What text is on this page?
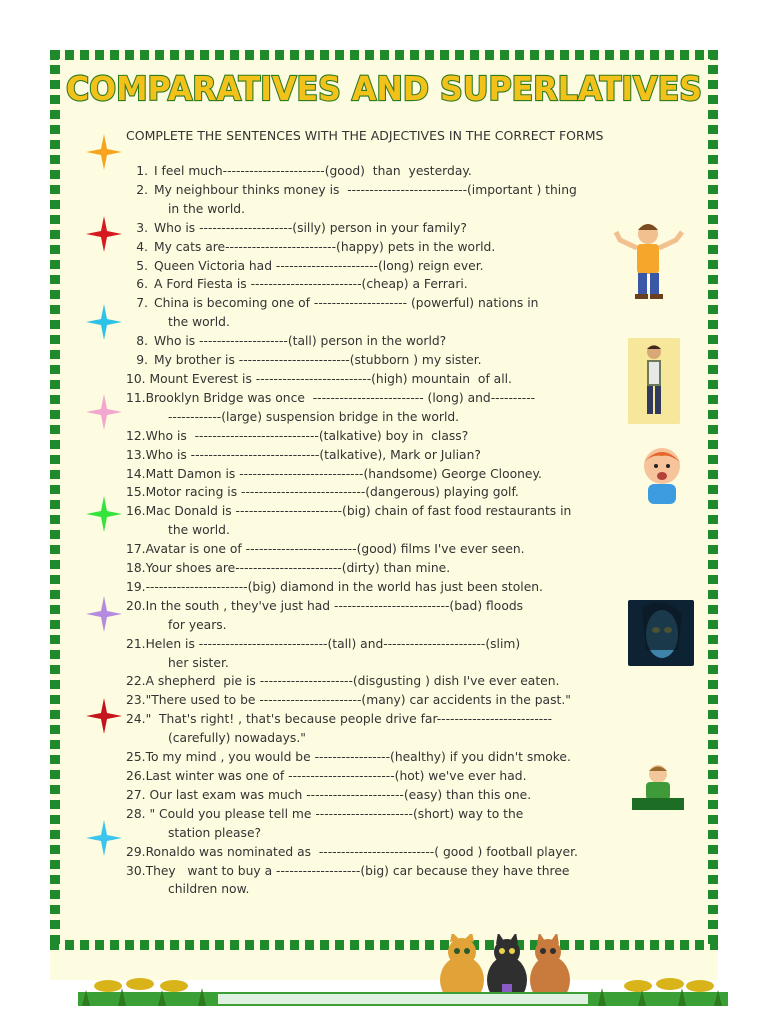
COMPARATIVES AND SUPERLATIVES
COMPLETE THE SENTENCES WITH THE ADJECTIVES IN THE CORRECT FORMS
1. I feel much-----------------------(good)  than  yesterday.
2. My neighbour thinks money is  ---------------------------(important ) thing
in the world.
3. Who is ---------------------(silly) person in your family?
4. My cats are-------------------------(happy) pets in the world.
5. Queen Victoria had -----------------------(long) reign ever.
6. A Ford Fiesta is -------------------------(cheap) a Ferrari.
7. China is becoming one of --------------------- (powerful) nations in
the world.
8. Who is --------------------(tall) person in the world?
9. My brother is -------------------------(stubborn ) my sister.
10. Mount Everest is --------------------------(high) mountain  of all.
11. Brooklyn Bridge was once  ------------------------- (long) and----------
------------(large) suspension bridge in the world.
12. Who is  ----------------------------(talkative) boy in  class?
13. Who is -----------------------------(talkative), Mark or Julian?
14. Matt Damon is ----------------------------(handsome) George Clooney.
15. Motor racing is ----------------------------(dangerous) playing golf.
16. Mac Donald is ------------------------(big) chain of fast food restaurants in
the world.
17. Avatar is one of -------------------------(good) films I've ever seen.
18. Your shoes are------------------------(dirty) than mine.
19. -----------------------(big) diamond in the world has just been stolen.
20. In the south , they've just had --------------------------(bad) floods
for years.
21. Helen is -----------------------------(tall) and-----------------------(slim)
her sister.
22. A shepherd  pie is ---------------------(disgusting ) dish I've ever eaten.
23. "There used to be -----------------------(many) car accidents in the past."
24. "  That's right! , that's because people drive far--------------------------
(carefully) nowadays."
25. To my mind , you would be -----------------(healthy) if you didn't smoke.
26. Last winter was one of ------------------------(hot) we've ever had.
27. Our last exam was much ----------------------(easy) than this one.
28. " Could you please tell me ----------------------(short) way to the
station please?
29. Ronaldo was nominated as  --------------------------( good ) football player.
30. They   want to buy a -------------------(big) car because they have three
children now.
